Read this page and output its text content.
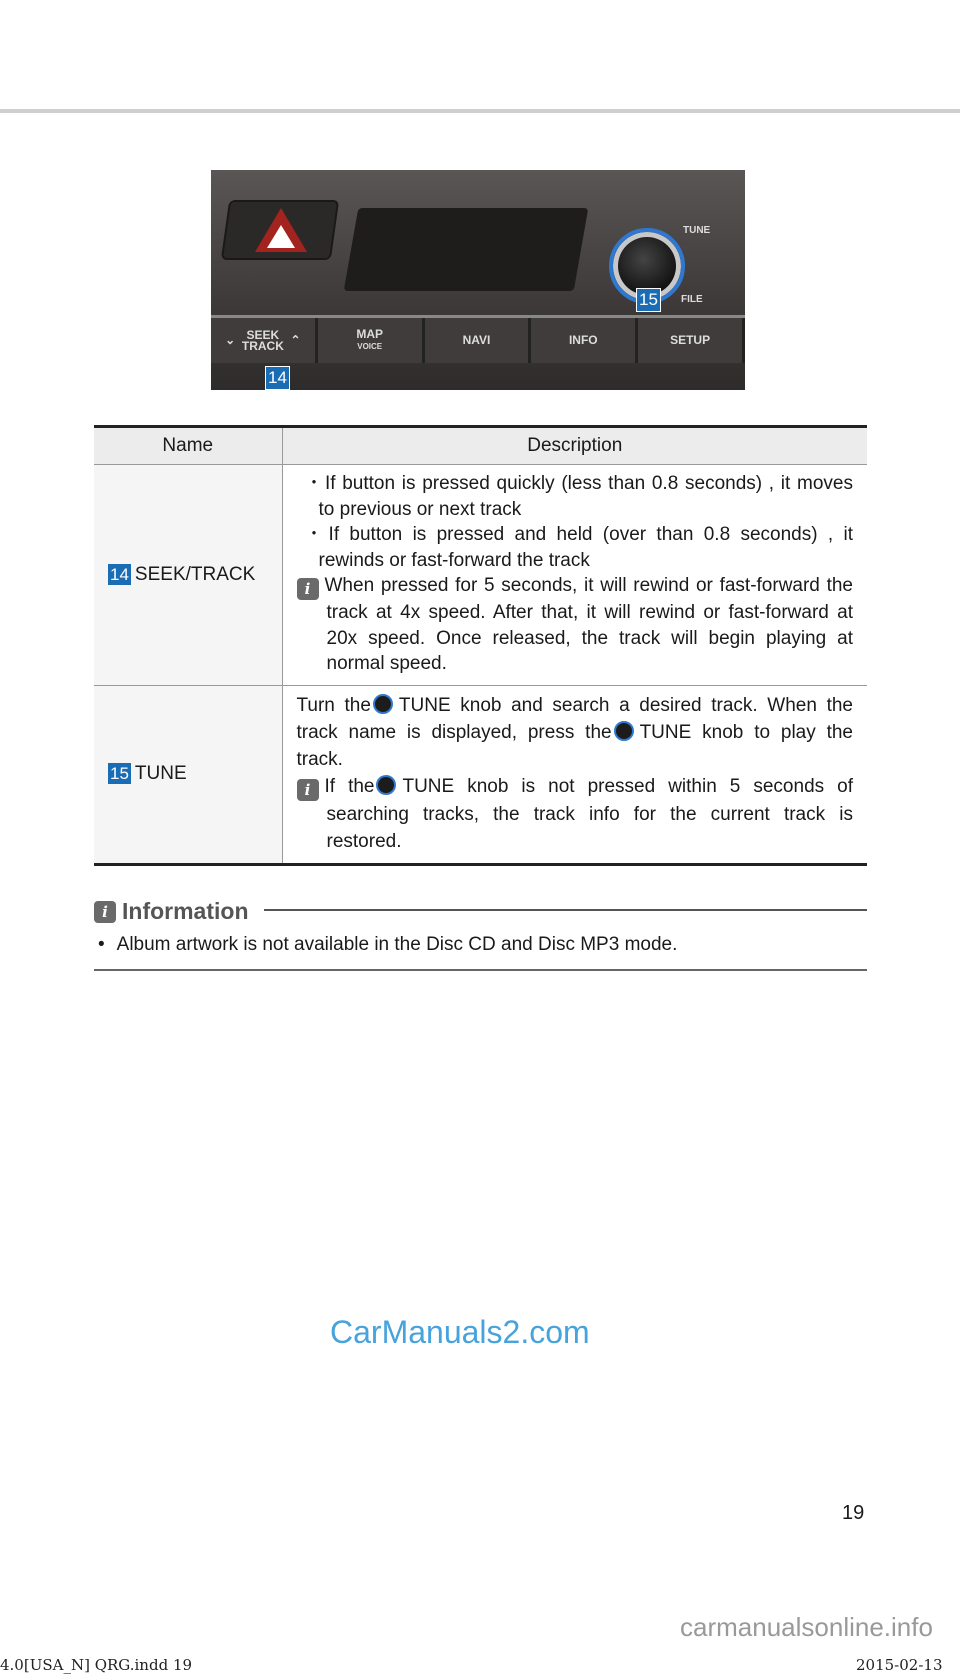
TUNE
FILE
15
⌄ SEEK
TRACK ⌃	MAP
VOICE	NAVI	INFO	SETUP
14
Name	Description
14 SEEK/TRACK	・If button is pressed quickly (less than 0.8 seconds) , it moves to previous or next track
・If button is pressed and held (over than 0.8 seconds) , it rewinds or fast-forward the track
i When pressed for 5 seconds, it will rewind or fast-forward the track at 4x speed. After that, it will rewind or fast-forward at 20x speed. Once released, the track will begin playing at normal speed.

15 TUNE	Turn the TUNE knob and search a desired track. When the track name is displayed, press the TUNE knob to play the track.
i If the TUNE knob is not pressed within 5 seconds of searching tracks, the track info for the current track is restored.
i Information
• Album artwork is not available in the Disc CD and Disc MP3 mode.
CarManuals2.com
19
carmanualsonline.info
4.0[USA_N] QRG.indd 19	2015-02-13
